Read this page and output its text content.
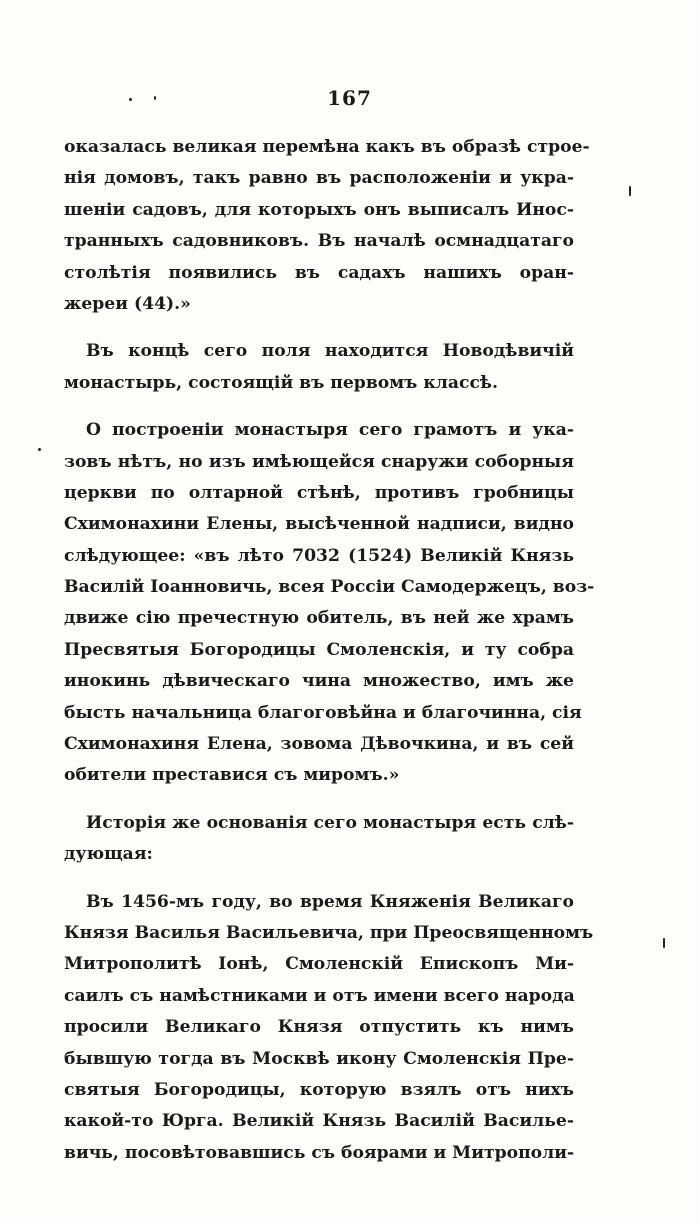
167
оказалась великая перемѣна какъ въ образѣ строе-
нія домовъ, такъ равно въ расположеніи и укра-
шеніи садовъ, для которыхъ онъ выписалъ Инос-
транныхъ садовниковъ. Въ началѣ осмнадцатаго
столѣтія появились въ садахъ нашихъ оран-
жереи (44).»
Въ концѣ сего поля находится Новодѣвичій
монастырь, состоящій въ первомъ классѣ.
О построеніи монастыря сего грамотъ и ука-
зовъ нѣтъ, но изъ имѣющейся снаружи соборныя
церкви по олтарной стѣнѣ, противъ гробницы
Схимонахини Елены, высѣченной надписи, видно
слѣдующее: «въ лѣто 7032 (1524) Великій Князь
Василій Іоанновичь, всея Россіи Самодержецъ, воз-
движе сію пречестную обитель, въ ней же храмъ
Пресвятыя Богородицы Смоленскія, и ту собра
инокинь дѣвическаго чина множество, имъ же
бысть начальница благоговѣйна и благочинна, сія
Схимонахиня Елена, зовома Дѣвочкина, и въ сей
обители преставися съ миромъ.»
Исторія же основанія сего монастыря есть слѣ-
дующая:
Въ 1456-мъ году, во время Княженія Великаго
Князя Василья Васильевича, при Преосвященномъ
Митрополитѣ Іонѣ, Смоленскій Епископъ Ми-
саилъ съ намѣстниками и отъ имени всего народа
просили Великаго Князя отпустить къ нимъ
бывшую тогда въ Москвѣ икону Смоленскія Пре-
святыя Богородицы, которую взялъ отъ нихъ
какой-то Юрга. Великій Князь Василій Василье-
вичь, посовѣтовавшись съ боярами и Митрополи-
